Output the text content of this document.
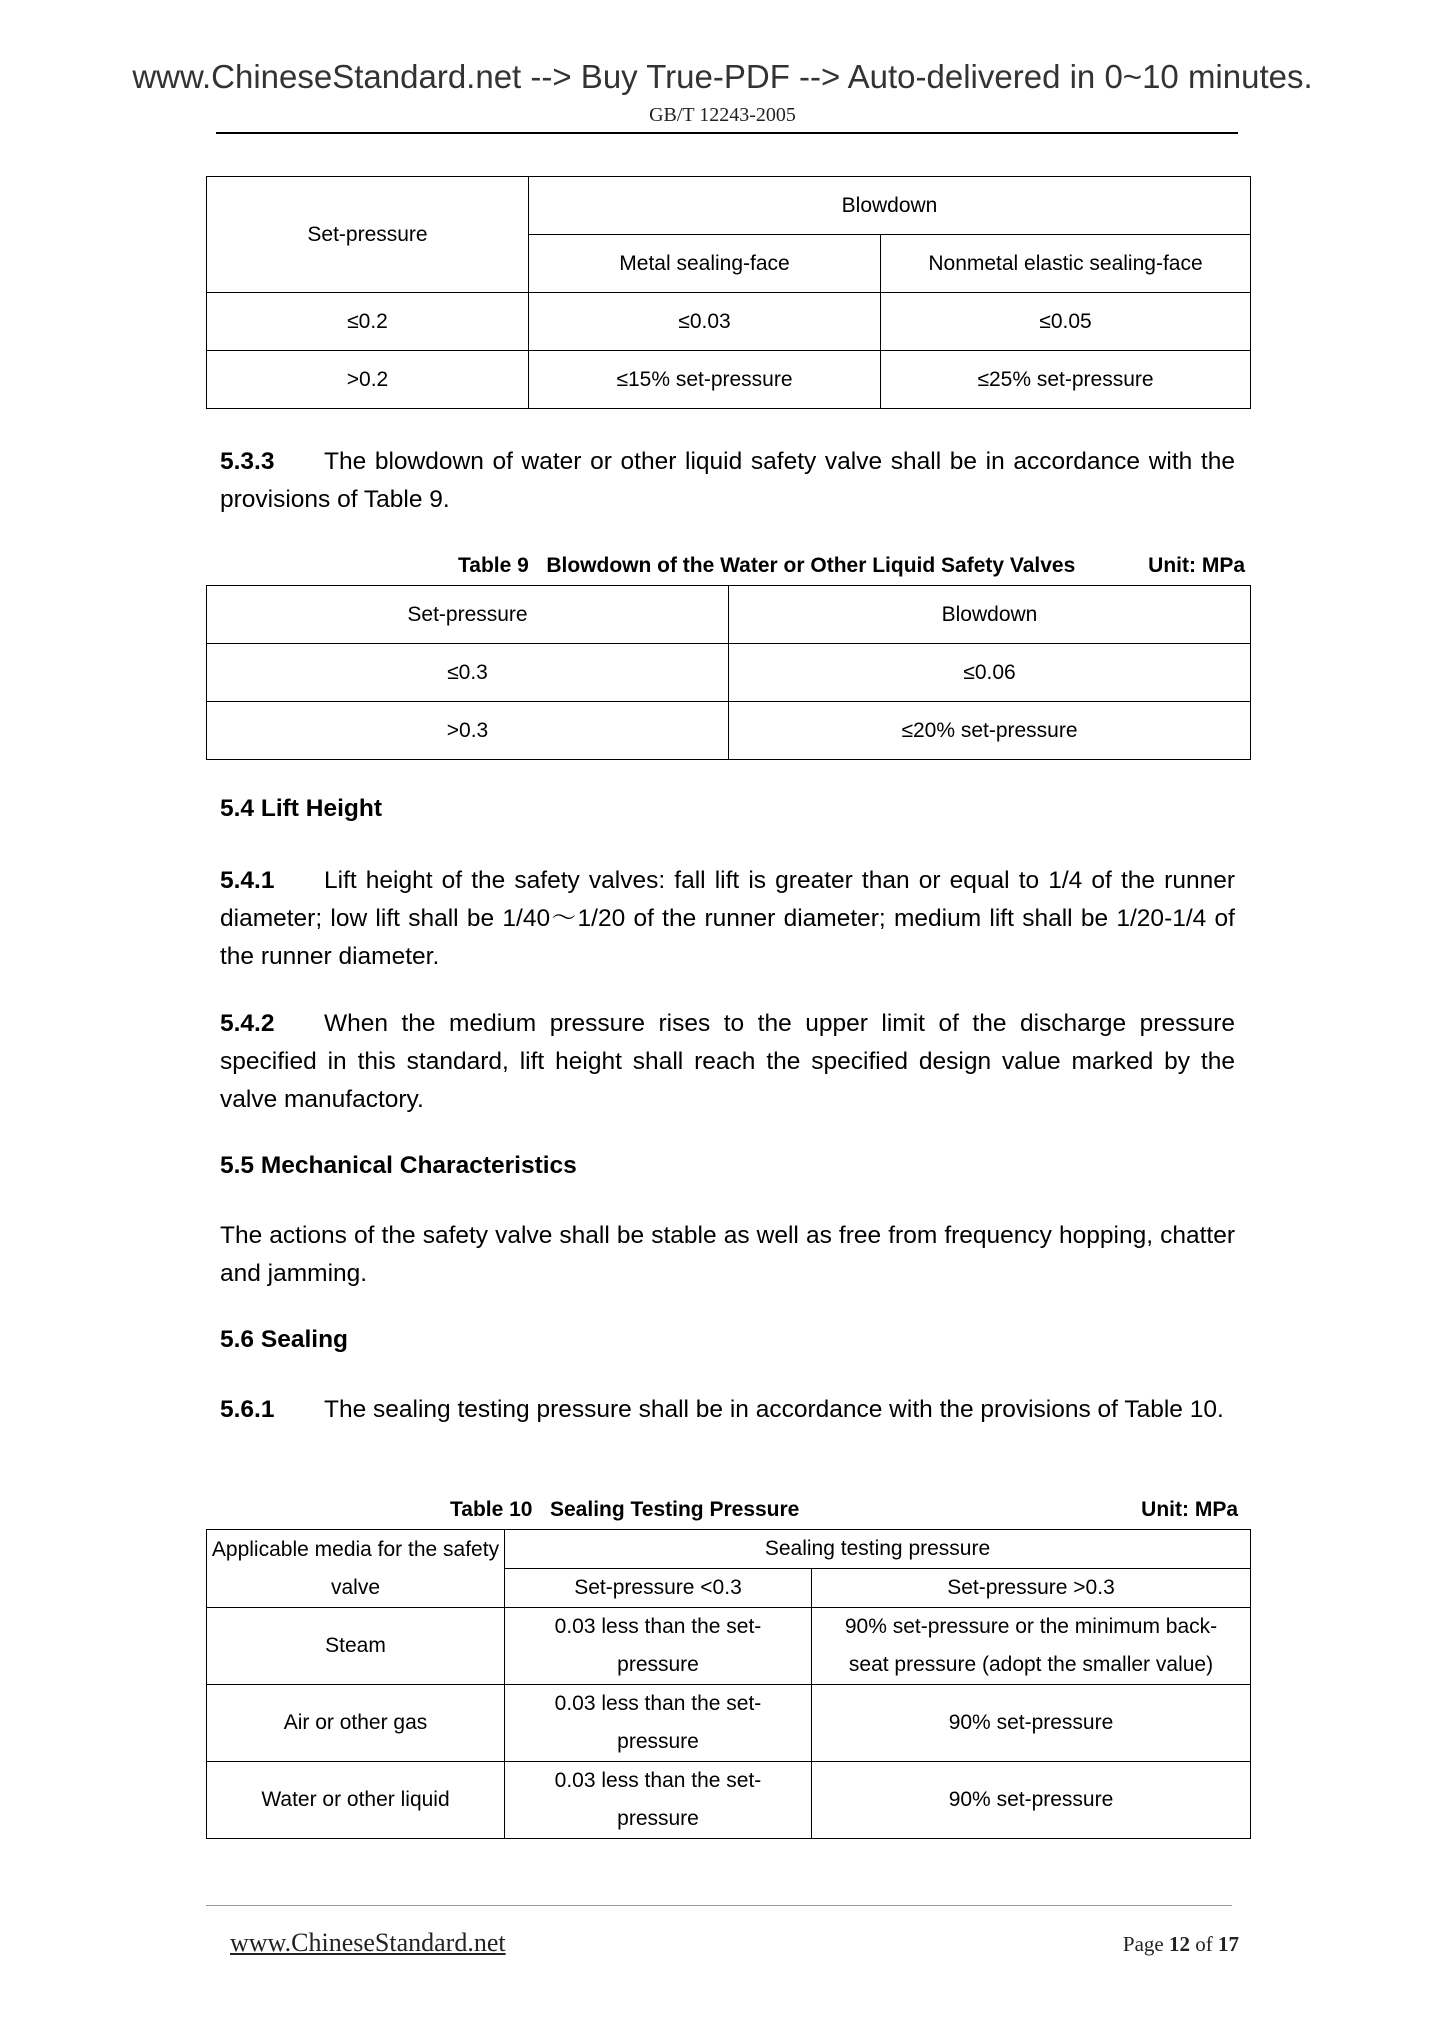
www.ChineseStandard.net --> Buy True-PDF --> Auto-delivered in 0~10 minutes.
GB/T 12243-2005
Set-pressure	Blowdown	
	Metal sealing-face	Nonmetal elastic sealing-face
≤0.2	≤0.03	≤0.05
>0.2	≤15% set-pressure	≤25% set-pressure
5.3.3 The blowdown of water or other liquid safety valve shall be in accordance with the provisions of Table 9.
Table 9 Blowdown of the Water or Other Liquid Safety Valves	Unit: MPa
Set-pressure	Blowdown
≤0.3	≤0.06
>0.3	≤20% set-pressure
5.4 Lift Height
5.4.1 Lift height of the safety valves: fall lift is greater than or equal to 1/4 of the runner diameter; low lift shall be 1/40～1/20 of the runner diameter; medium lift shall be 1/20-1/4 of the runner diameter.
5.4.2 When the medium pressure rises to the upper limit of the discharge pressure specified in this standard, lift height shall reach the specified design value marked by the valve manufactory.
5.5 Mechanical Characteristics
The actions of the safety valve shall be stable as well as free from frequency hopping, chatter and jamming.
5.6 Sealing
5.6.1 The sealing testing pressure shall be in accordance with the provisions of Table 10.
Table 10 Sealing Testing Pressure	Unit: MPa
Applicable media for the safety valve	Sealing testing pressure	
	Set-pressure <0.3	Set-pressure >0.3
Steam	0.03 less than the set-pressure	90% set-pressure or the minimum back-seat pressure (adopt the smaller value)
Air or other gas	0.03 less than the set-pressure	90% set-pressure
Water or other liquid	0.03 less than the set-pressure	90% set-pressure
www.ChineseStandard.net	Page 12 of 17
